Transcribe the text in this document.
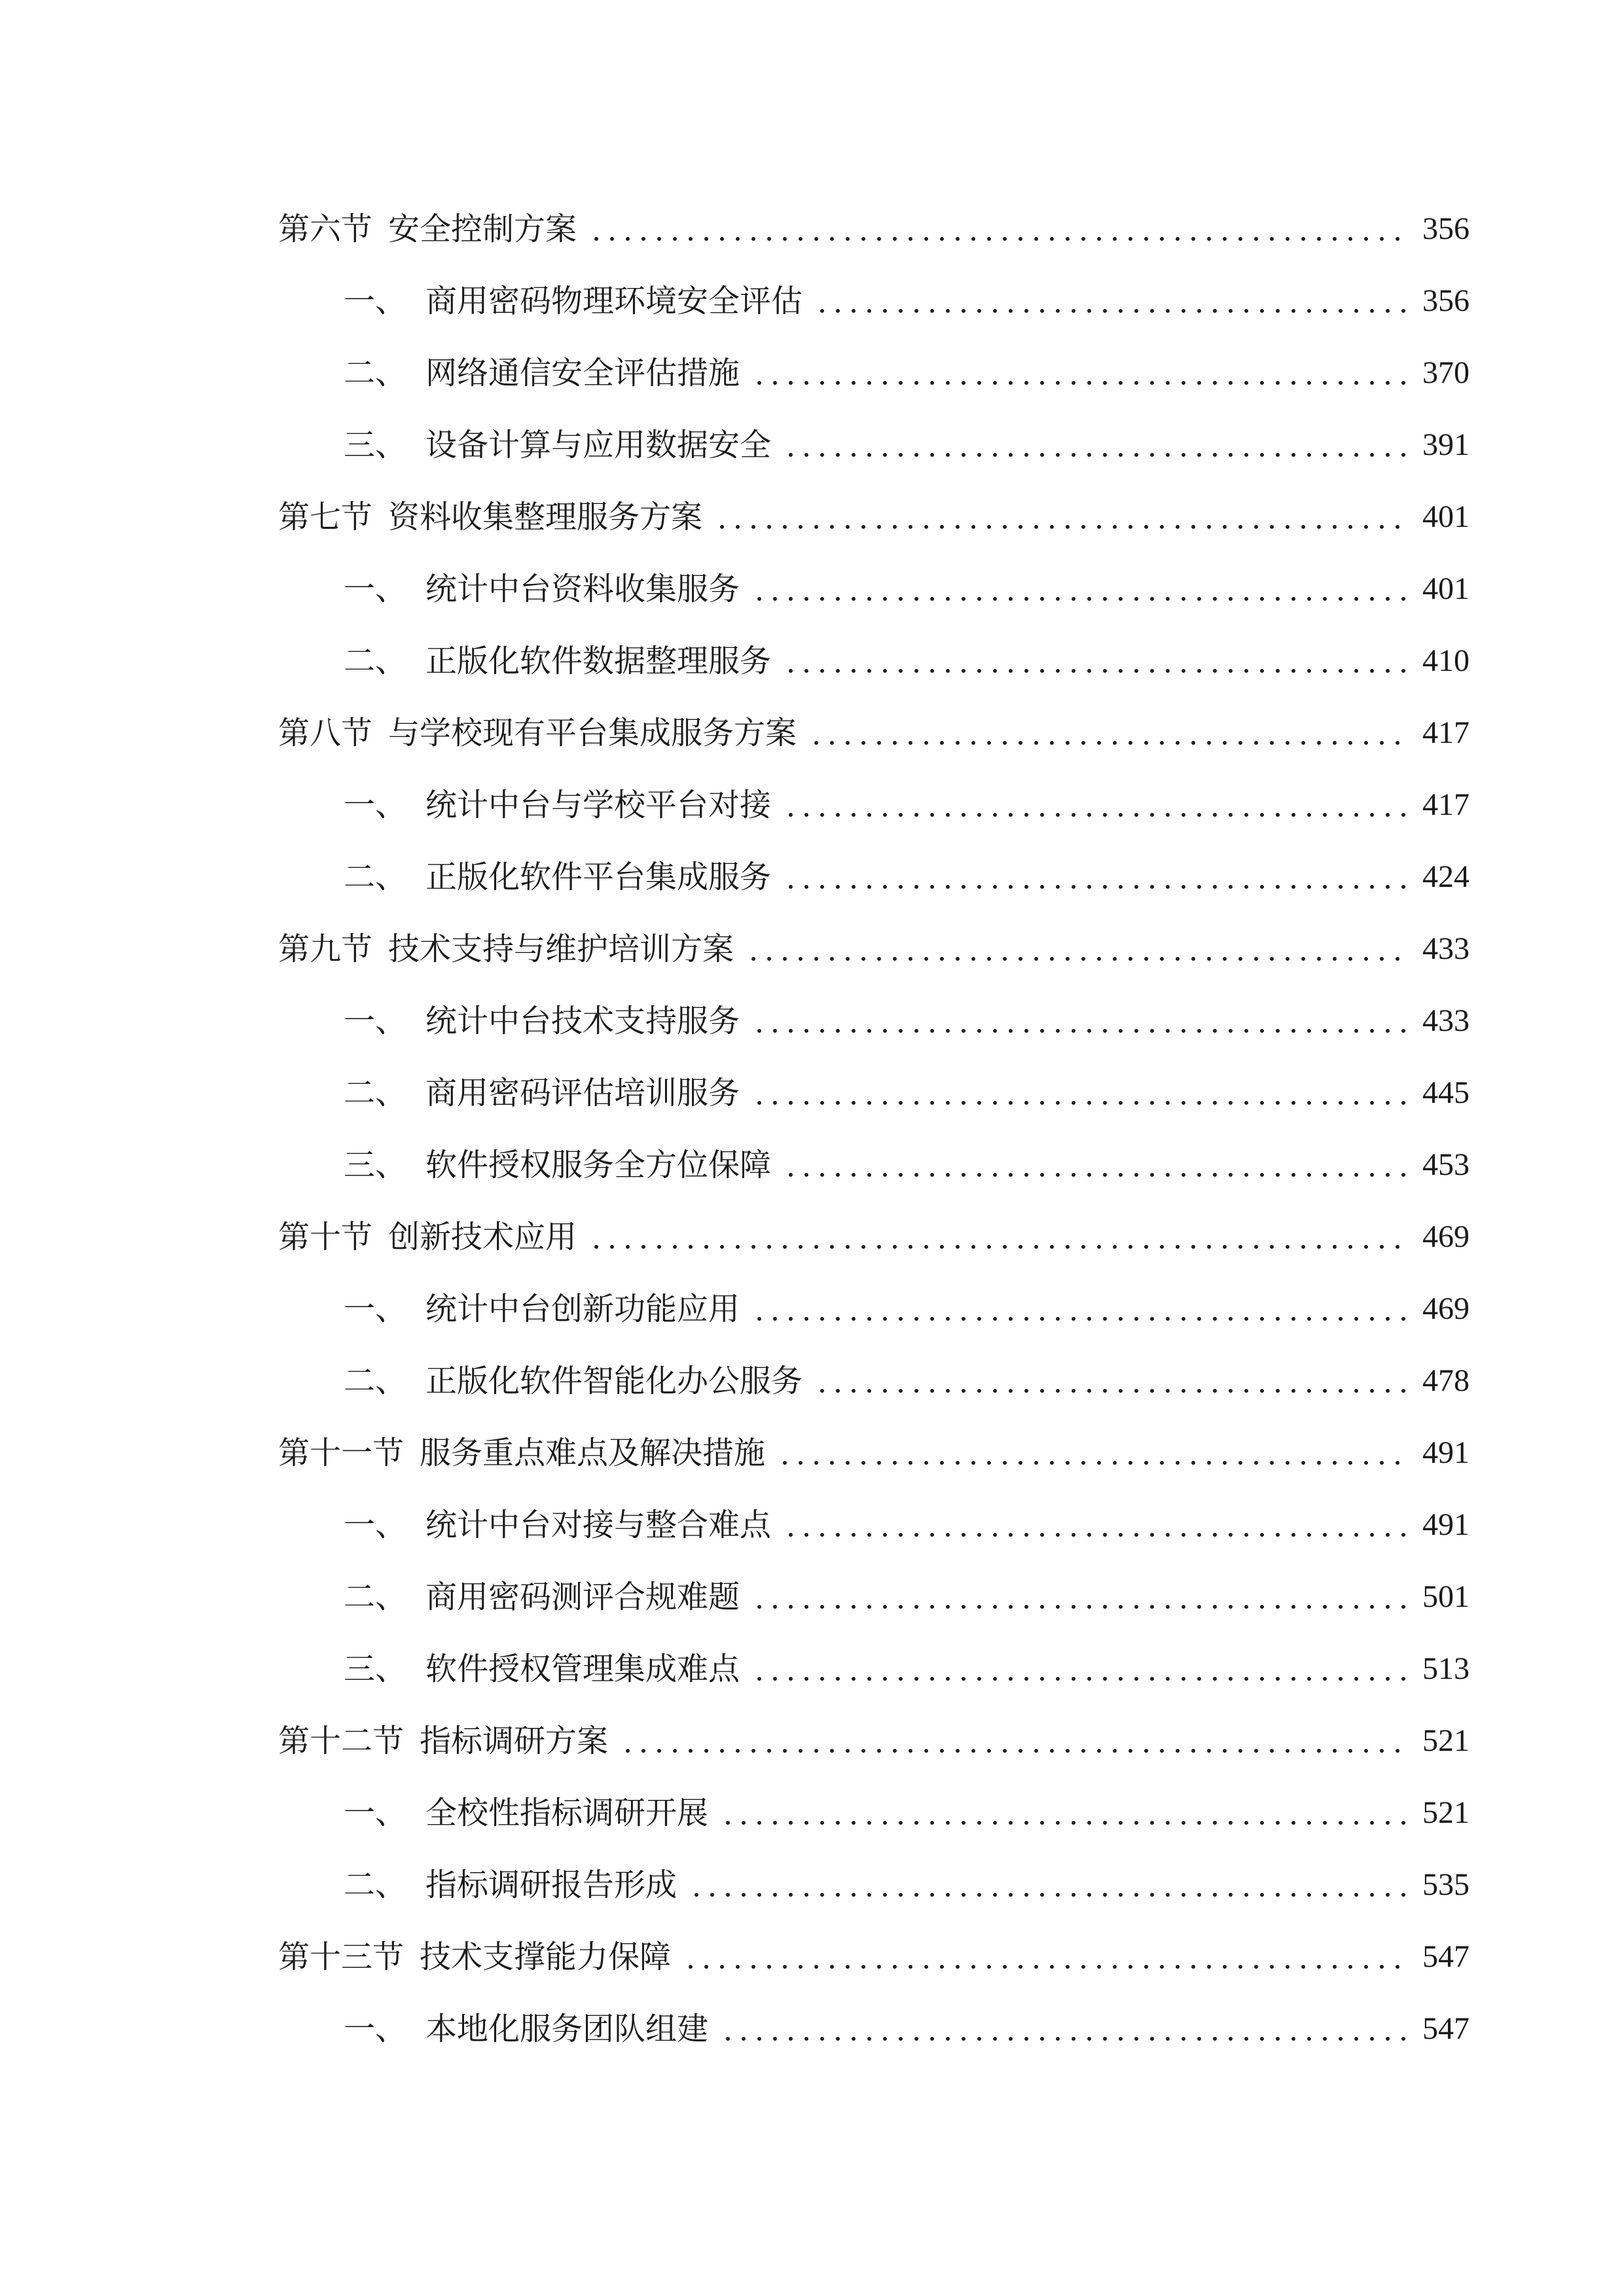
第六节 安全控制方案	356
一、 商用密码物理环境安全评估	356
二、 网络通信安全评估措施	370
三、 设备计算与应用数据安全	391
第七节 资料收集整理服务方案	401
一、 统计中台资料收集服务	401
二、 正版化软件数据整理服务	410
第八节 与学校现有平台集成服务方案	417
一、 统计中台与学校平台对接	417
二、 正版化软件平台集成服务	424
第九节 技术支持与维护培训方案	433
一、 统计中台技术支持服务	433
二、 商用密码评估培训服务	445
三、 软件授权服务全方位保障	453
第十节 创新技术应用	469
一、 统计中台创新功能应用	469
二、 正版化软件智能化办公服务	478
第十一节 服务重点难点及解决措施	491
一、 统计中台对接与整合难点	491
二、 商用密码测评合规难题	501
三、 软件授权管理集成难点	513
第十二节 指标调研方案	521
一、 全校性指标调研开展	521
二、 指标调研报告形成	535
第十三节 技术支撑能力保障	547
一、 本地化服务团队组建	547
